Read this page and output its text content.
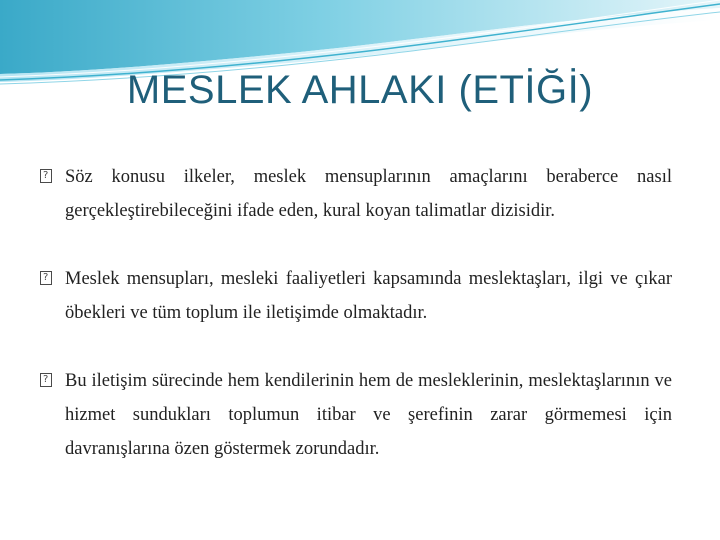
MESLEK AHLAKI (ETİĞİ)
?
Söz konusu ilkeler, meslek mensuplarının amaçlarını beraberce nasıl gerçekleştirebileceğini ifade eden, kural koyan talimatlar dizisidir.
?
Meslek mensupları, mesleki faaliyetleri kapsamında meslektaşları, ilgi ve çıkar öbekleri ve tüm toplum ile iletişimde olmaktadır.
?
Bu iletişim sürecinde hem kendilerinin hem de mesleklerinin, meslektaşlarının ve hizmet sundukları toplumun itibar ve şerefinin zarar görmemesi için davranışlarına özen göstermek zorundadır.
